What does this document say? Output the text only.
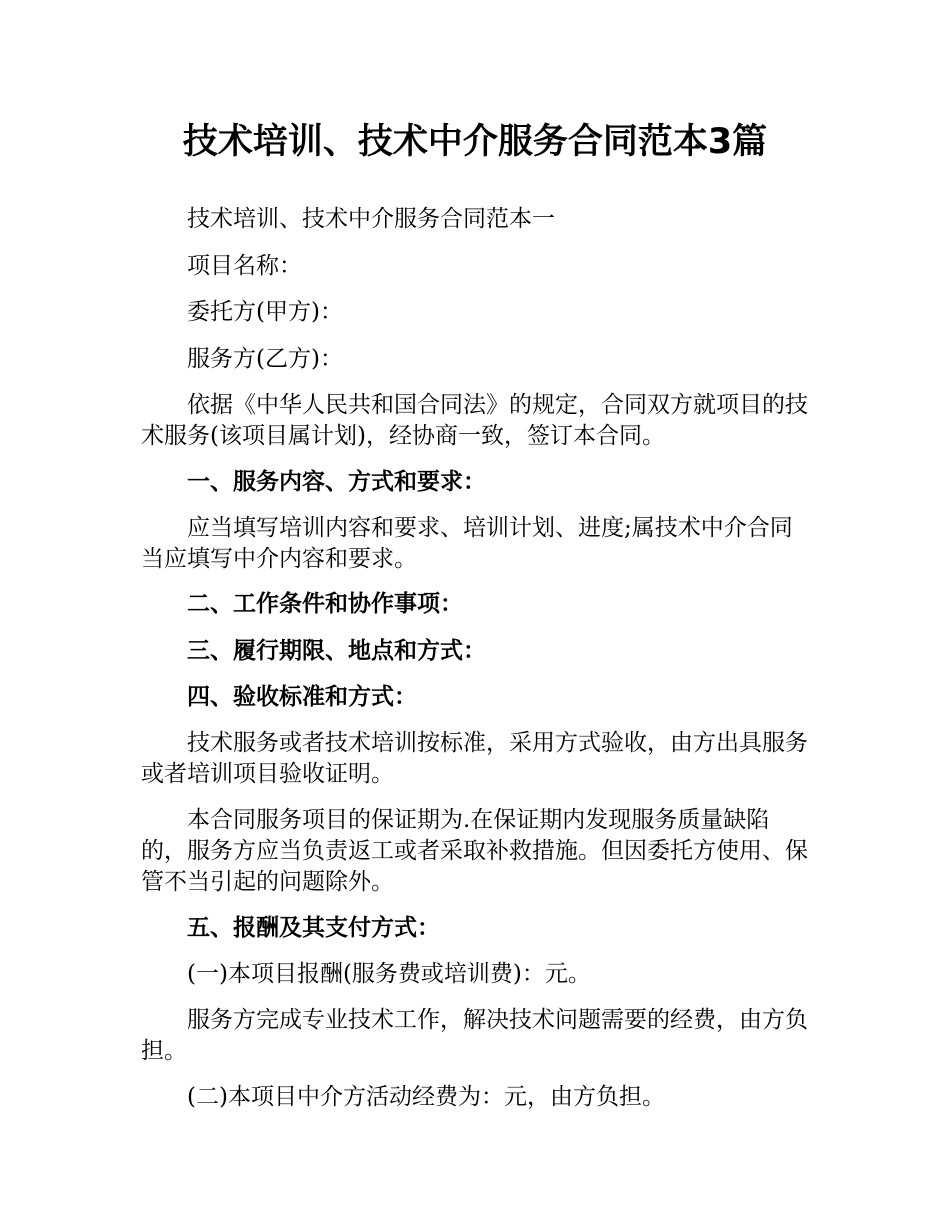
技术培训、技术中介服务合同范本3篇

技术培训、技术中介服务合同范本一

项目名称：

委托方(甲方)：

服务方(乙方)：

依据《中华人民共和国合同法》的规定，合同双方就项目的技术服务(该项目属计划)，经协商一致，签订本合同。

一、服务内容、方式和要求：

应当填写培训内容和要求、培训计划、进度;属技术中介合同当应填写中介内容和要求。

二、工作条件和协作事项：

三、履行期限、地点和方式：

四、验收标准和方式：

技术服务或者技术培训按标准，采用方式验收，由方出具服务或者培训项目验收证明。

本合同服务项目的保证期为.在保证期内发现服务质量缺陷的，服务方应当负责返工或者采取补救措施。但因委托方使用、保管不当引起的问题除外。

五、报酬及其支付方式：

(一)本项目报酬(服务费或培训费)：元。

服务方完成专业技术工作，解决技术问题需要的经费，由方负担。

(二)本项目中介方活动经费为：元，由方负担。
